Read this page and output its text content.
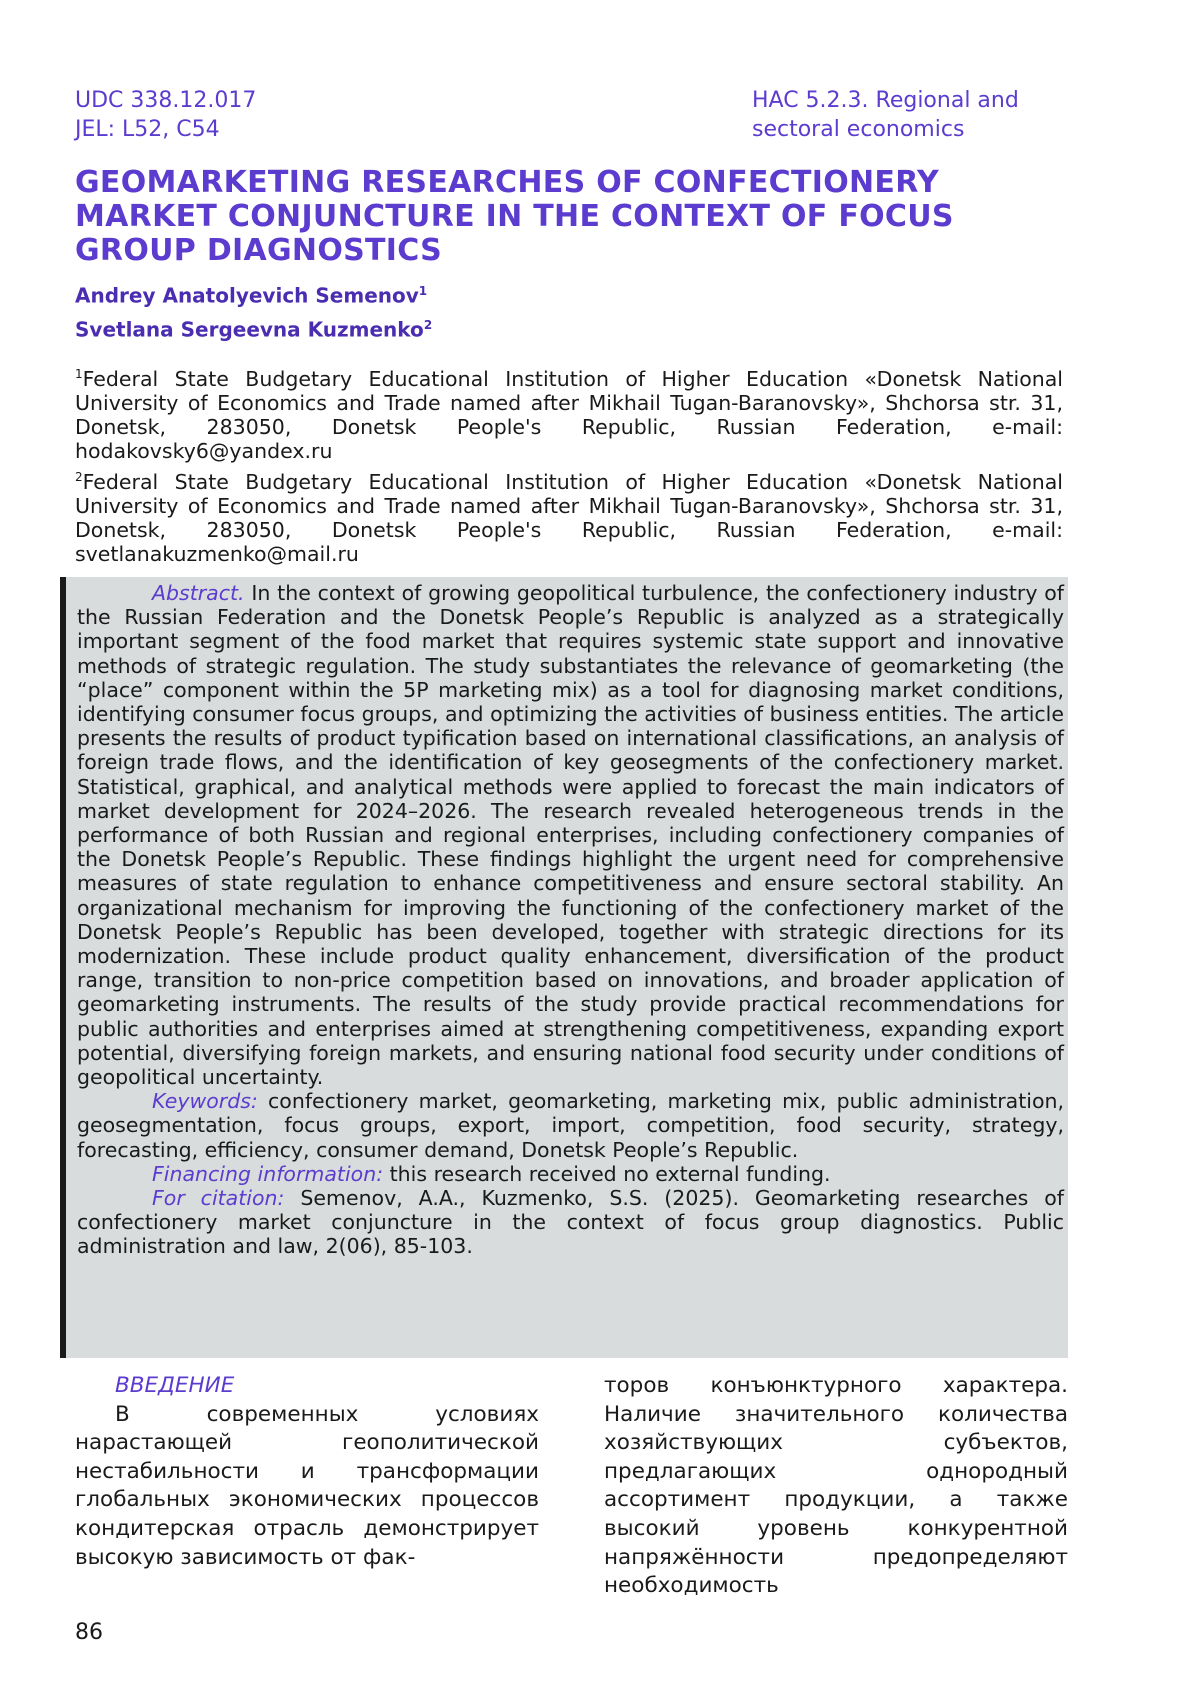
UDC 338.12.017
JEL: L52, C54
HAC 5.2.3. Regional and
sectoral economics
GEOMARKETING RESEARCHES OF CONFECTIONERY MARKET CONJUNCTURE IN THE CONTEXT OF FOCUS GROUP DIAGNOSTICS
Andrey Anatolyevich Semenov1
Svetlana Sergeevna Kuzmenko2
1Federal State Budgetary Educational Institution of Higher Education «Donetsk National University of Economics and Trade named after Mikhail Tugan-Baranovsky», Shchorsa str. 31, Donetsk, 283050, Donetsk People's Republic, Russian Federation, e-mail: hodakovsky6@yandex.ru
2Federal State Budgetary Educational Institution of Higher Education «Donetsk National University of Economics and Trade named after Mikhail Tugan-Baranovsky», Shchorsa str. 31, Donetsk, 283050, Donetsk People's Republic, Russian Federation, e-mail: svetlanakuzmenko@mail.ru

Abstract. In the context of growing geopolitical turbulence, the confectionery industry of the Russian Federation and the Donetsk People’s Republic is analyzed as a strategically important segment of the food market that requires systemic state support and innovative methods of strategic regulation. The study substantiates the relevance of geomarketing (the “place” component within the 5P marketing mix) as a tool for diagnosing market conditions, identifying consumer focus groups, and optimizing the activities of business entities. The article presents the results of product typification based on international classifications, an analysis of foreign trade flows, and the identification of key geosegments of the confectionery market. Statistical, graphical, and analytical methods were applied to forecast the main indicators of market development for 2024–2026. The research revealed heterogeneous trends in the performance of both Russian and regional enterprises, including confectionery companies of the Donetsk People’s Republic. These findings highlight the urgent need for comprehensive measures of state regulation to enhance competitiveness and ensure sectoral stability. An organizational mechanism for improving the functioning of the confectionery market of the Donetsk People’s Republic has been developed, together with strategic directions for its modernization. These include product quality enhancement, diversification of the product range, transition to non-price competition based on innovations, and broader application of geomarketing instruments. The results of the study provide practical recommendations for public authorities and enterprises aimed at strengthening competitiveness, expanding export potential, diversifying foreign markets, and ensuring national food security under conditions of geopolitical uncertainty.

Keywords: confectionery market, geomarketing, marketing mix, public administration, geosegmentation, focus groups, export, import, competition, food security, strategy, forecasting, efficiency, consumer demand, Donetsk People’s Republic.

Financing information: this research received no external funding.

For citation: Semenov, A.A., Kuzmenko, S.S. (2025). Geomarketing researches of confectionery market conjuncture in the context of focus group diagnostics. Public administration and law, 2(06), 85-103.

ВВЕДЕНИЕ

В современных условиях нарастающей геополитической нестабильности и трансформации глобальных экономических процессов кондитерская отрасль демонстрирует высокую зависимость от фак-

торов конъюнктурного характера. Наличие значительного количества хозяйствующих субъектов, предлагающих однородный ассортимент продукции, а также высокий уровень конкурентной напряжённости предопределяют необходимость

86
